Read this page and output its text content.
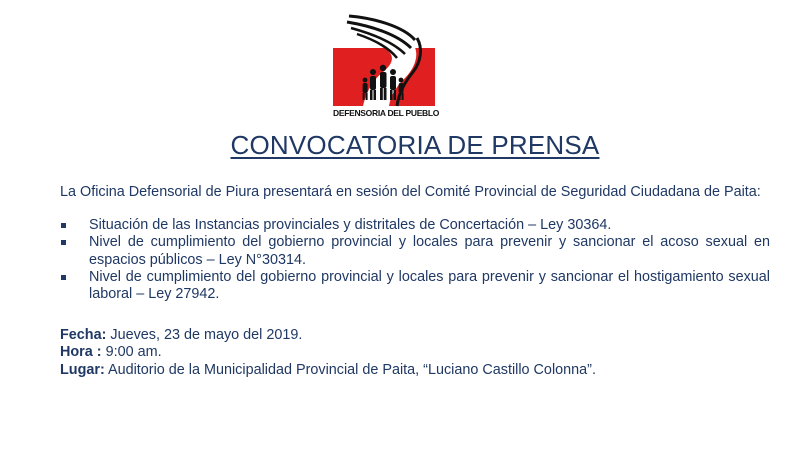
DEFENSORIA DEL PUEBLO
CONVOCATORIA DE PRENSA

La Oficina Defensorial de Piura presentará en sesión del Comité Provincial de Seguridad Ciudadana de Paita:

Situación de las Instancias provinciales y distritales de Concertación – Ley 30364.
Nivel de cumplimiento del gobierno provincial y locales para prevenir y sancionar el acoso sexual en espacios públicos – Ley N°30314.
Nivel de cumplimiento del gobierno provincial y locales para prevenir y sancionar el hostigamiento sexual laboral – Ley 27942.

Fecha: Jueves, 23 de mayo del 2019.

Hora : 9:00 am.

Lugar: Auditorio de la Municipalidad Provincial de Paita, “Luciano Castillo Colonna”.
